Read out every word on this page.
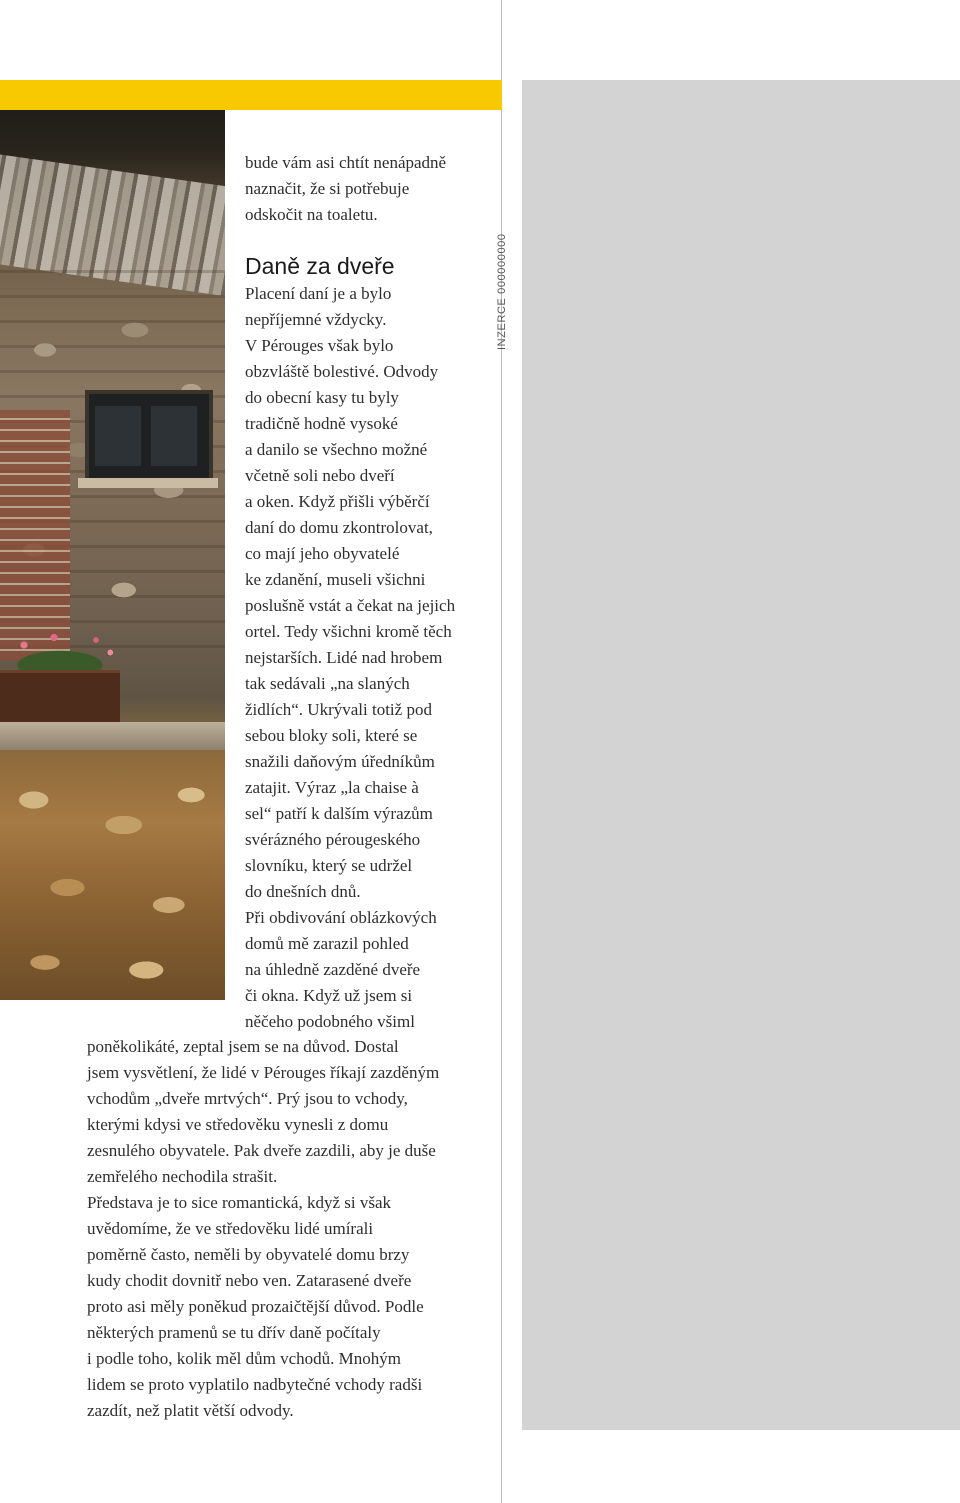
INZERCE 000000000

bude vám asi chtít nenápadně

naznačit, že si potřebuje

odskočit na toaletu.

Daně za dveře

Placení daní je a bylo

nepříjemné vždycky.

V Pérouges však bylo

obzvláště bolestivé. Odvody

do obecní kasy tu byly

tradičně hodně vysoké

a danilo se všechno možné

včetně soli nebo dveří

a oken. Když přišli výběrčí

daní do domu zkontrolovat,

co mají jeho obyvatelé

ke zdanění, museli všichni

poslušně vstát a čekat na jejich

ortel. Tedy všichni kromě těch

nejstarších. Lidé nad hrobem

tak sedávali „na slaných

židlích“. Ukrývali totiž pod

sebou bloky soli, které se

snažili daňovým úředníkům

zatajit. Výraz „la chaise à

sel“ patří k dalším výrazům

svérázného pérougeského

slovníku, který se udržel

do dnešních dnů.

Při obdivování oblázkových

domů mě zarazil pohled

na úhledně zazděné dveře

či okna. Když už jsem si

něčeho podobného všiml

poněkolikáté, zeptal jsem se na důvod. Dostal

jsem vysvětlení, že lidé v Pérouges říkají zazděným

vchodům „dveře mrtvých“. Prý jsou to vchody,

kterými kdysi ve středověku vynesli z domu

zesnulého obyvatele. Pak dveře zazdili, aby je duše

zemřelého nechodila strašit.

Představa je to sice romantická, když si však

uvědomíme, že ve středověku lidé umírali

poměrně často, neměli by obyvatelé domu brzy

kudy chodit dovnitř nebo ven. Zatarasené dveře

proto asi měly poněkud prozaičtější důvod. Podle

některých pramenů se tu dřív daně počítaly

i podle toho, kolik měl dům vchodů. Mnohým

lidem se proto vyplatilo nadbytečné vchody radši

zazdít, než platit větší odvody.
